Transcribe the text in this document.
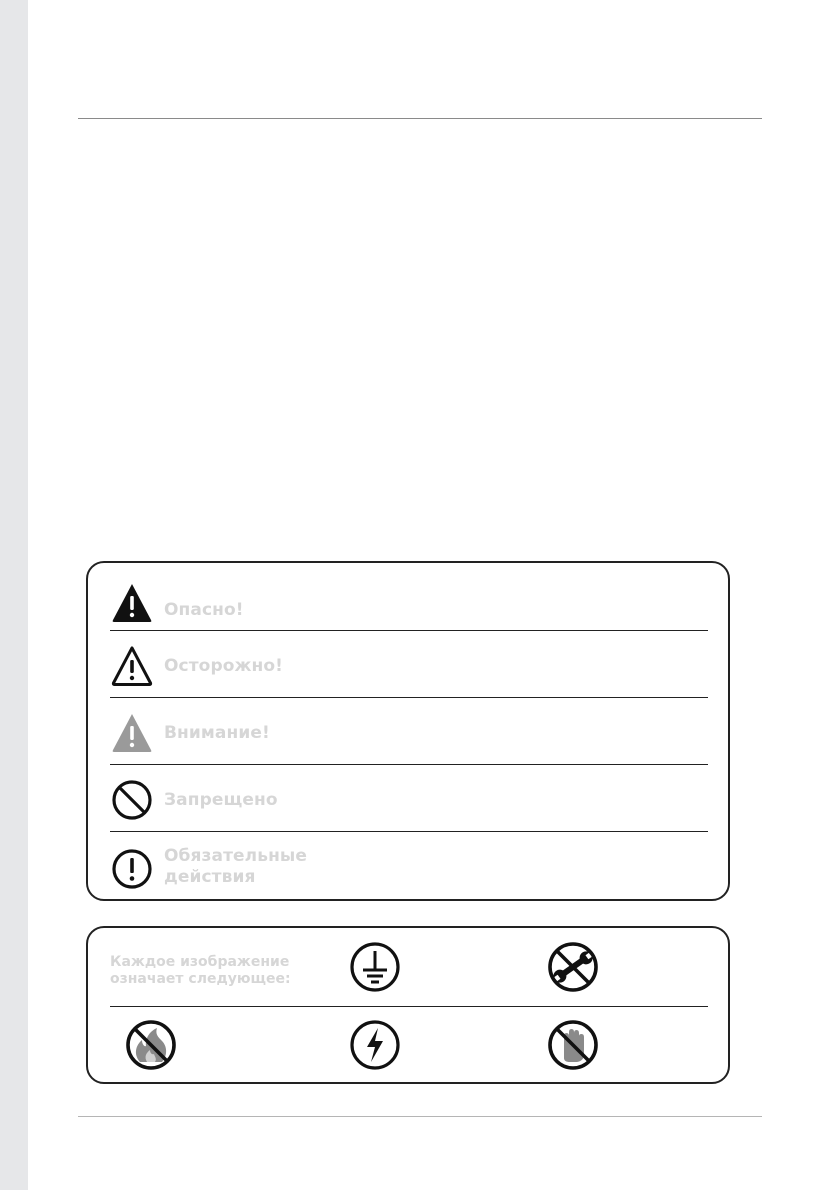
Опасно!
Осторожно!
Внимание!
Запрещено
Обязательные
действия
Каждое изображение
означает следующее:
